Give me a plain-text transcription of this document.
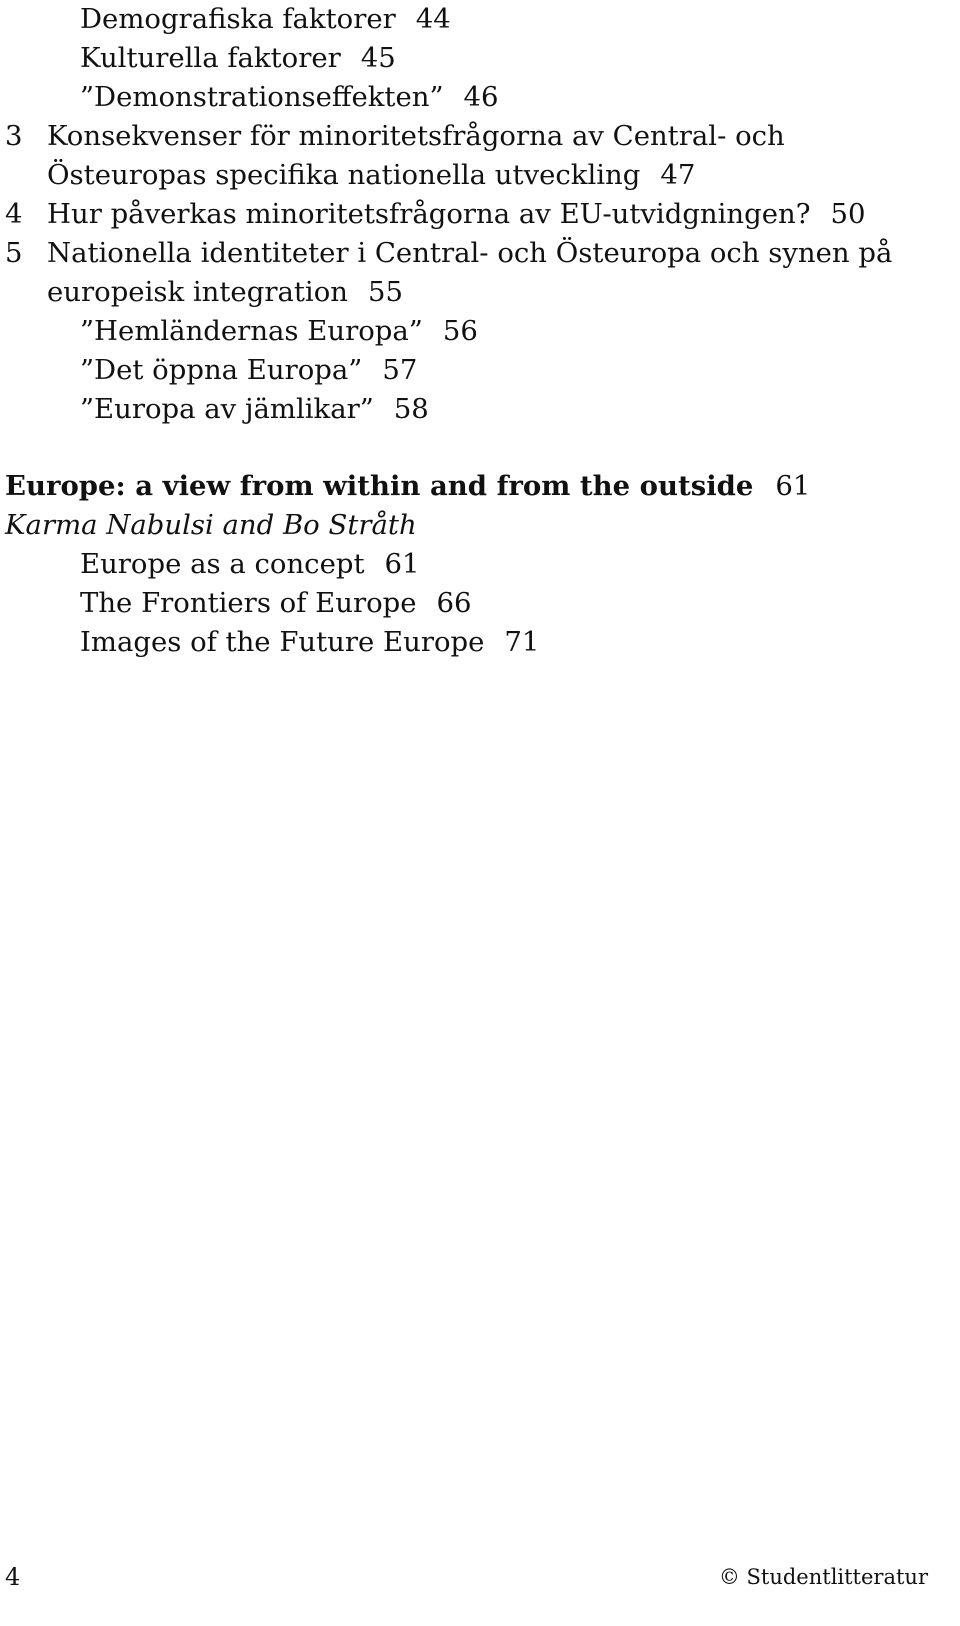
Demografiska faktorer 44
Kulturella faktorer 45
”Demonstrationseffekten” 46
3 Konsekvenser för minoritetsfrågorna av Central- och
Östeuropas specifika nationella utveckling 47
4 Hur påverkas minoritetsfrågorna av EU-utvidgningen? 50
5 Nationella identiteter i Central- och Östeuropa och synen på
europeisk integration 55
”Hemländernas Europa” 56
”Det öppna Europa” 57
”Europa av jämlikar” 58
Europe: a view from within and from the outside 61
Karma Nabulsi and Bo Stråth
Europe as a concept 61
The Frontiers of Europe 66
Images of the Future Europe 71
4	© Studentlitteratur
